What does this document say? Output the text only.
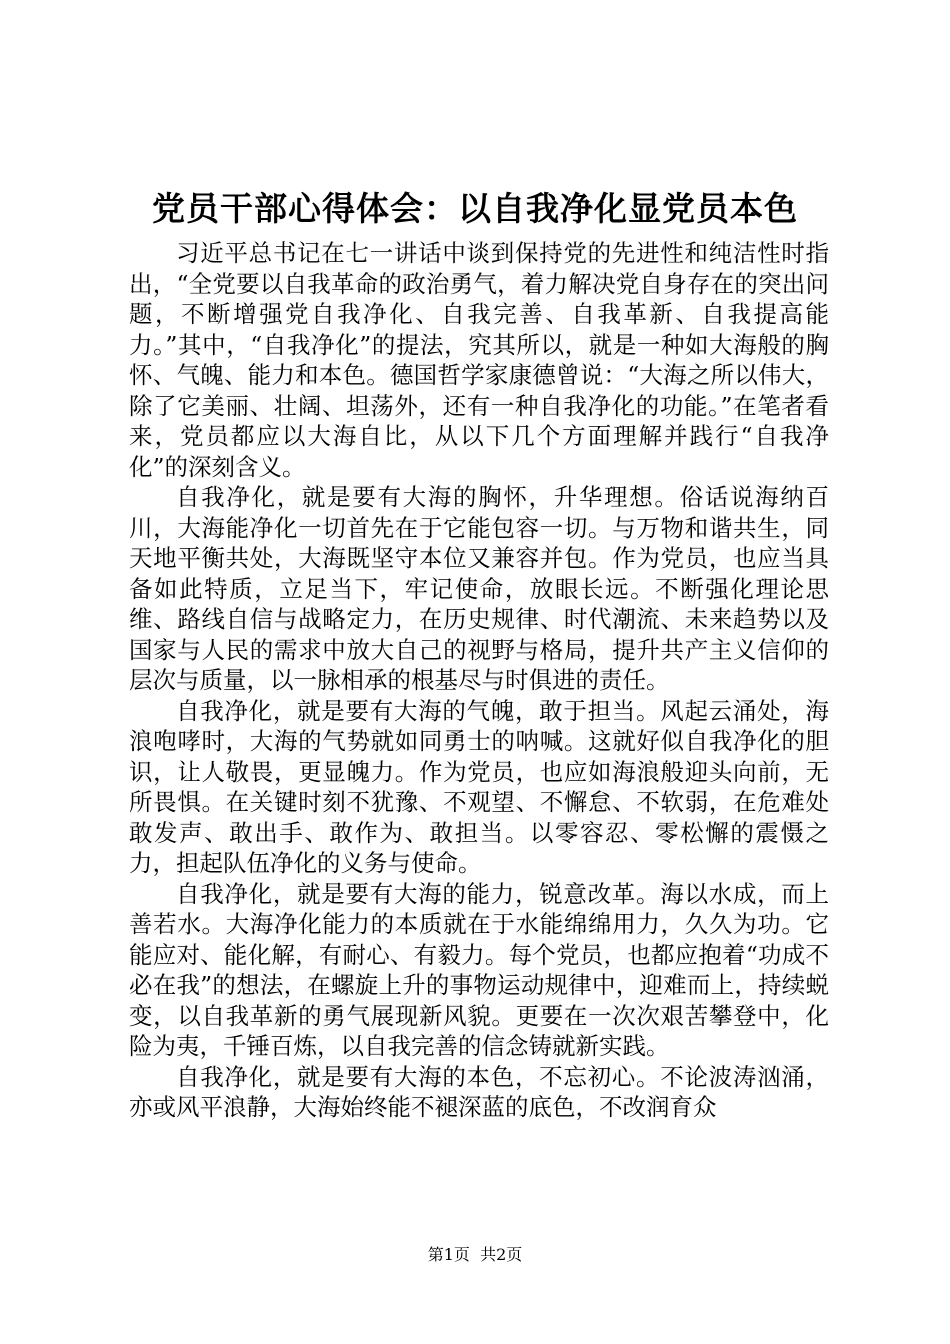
党员干部心得体会：以自我净化显党员本色

习近平总书记在七一讲话中谈到保持党的先进性和纯洁性时指出，“全党要以自我革命的政治勇气，着力解决党自身存在的突出问题，不断增强党自我净化、自我完善、自我革新、自我提高能力。”其中，“自我净化”的提法，究其所以，就是一种如大海般的胸怀、气魄、能力和本色。德国哲学家康德曾说：“大海之所以伟大，除了它美丽、壮阔、坦荡外，还有一种自我净化的功能。”在笔者看来，党员都应以大海自比，从以下几个方面理解并践行“自我净化”的深刻含义。

自我净化，就是要有大海的胸怀，升华理想。俗话说海纳百川，大海能净化一切首先在于它能包容一切。与万物和谐共生，同天地平衡共处，大海既坚守本位又兼容并包。作为党员，也应当具备如此特质，立足当下，牢记使命，放眼长远。不断强化理论思维、路线自信与战略定力，在历史规律、时代潮流、未来趋势以及国家与人民的需求中放大自己的视野与格局，提升共产主义信仰的层次与质量，以一脉相承的根基尽与时俱进的责任。

自我净化，就是要有大海的气魄，敢于担当。风起云涌处，海浪咆哮时，大海的气势就如同勇士的呐喊。这就好似自我净化的胆识，让人敬畏，更显魄力。作为党员，也应如海浪般迎头向前，无所畏惧。在关键时刻不犹豫、不观望、不懈怠、不软弱，在危难处敢发声、敢出手、敢作为、敢担当。以零容忍、零松懈的震慑之力，担起队伍净化的义务与使命。

自我净化，就是要有大海的能力，锐意改革。海以水成，而上善若水。大海净化能力的本质就在于水能绵绵用力，久久为功。它能应对、能化解，有耐心、有毅力。每个党员，也都应抱着“功成不必在我”的想法，在螺旋上升的事物运动规律中，迎难而上，持续蜕变，以自我革新的勇气展现新风貌。更要在一次次艰苦攀登中，化险为夷，千锤百炼，以自我完善的信念铸就新实践。

自我净化，就是要有大海的本色，不忘初心。不论波涛汹涌，亦或风平浪静，大海始终能不褪深蓝的底色，不改润育众

第1页  共2页
